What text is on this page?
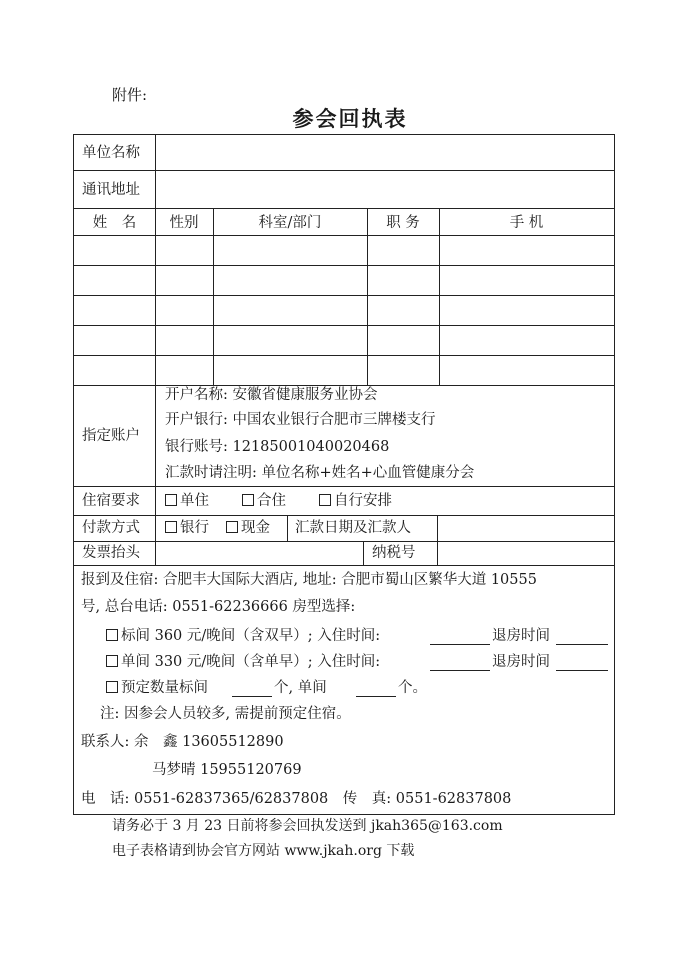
附件:
参会回执表
单位名称
通讯地址
姓　名	性别	科室/部门	职 务	手 机
指定账户
开户名称: 安徽省健康服务业协会
开户银行: 中国农业银行合肥市三牌楼支行
银行账号: 12185001040020468
汇款时请注明: 单位名称+姓名+心血管健康分会
住宿要求	单住	合住	自行安排
付款方式	银行	现金 汇款日期及汇款人
发票抬头	纳税号
报到及住宿: 合肥丰大国际大酒店, 地址: 合肥市蜀山区繁华大道 10555
号, 总台电话: 0551-62236666 房型选择:
标间 360 元/晚间（含双早）; 入住时间:	退房时间
单间 330 元/晚间（含单早）; 入住时间:	退房时间
预定数量标间	个, 单间	个。
注: 因参会人员较多, 需提前预定住宿。
联系人: 余　鑫 13605512890
马梦晴 15955120769
电　话: 0551-62837365/62837808　传　真: 0551-62837808
请务必于 3 月 23 日前将参会回执发送到 jkah365@163.com
电子表格请到协会官方网站 www.jkah.org 下载
